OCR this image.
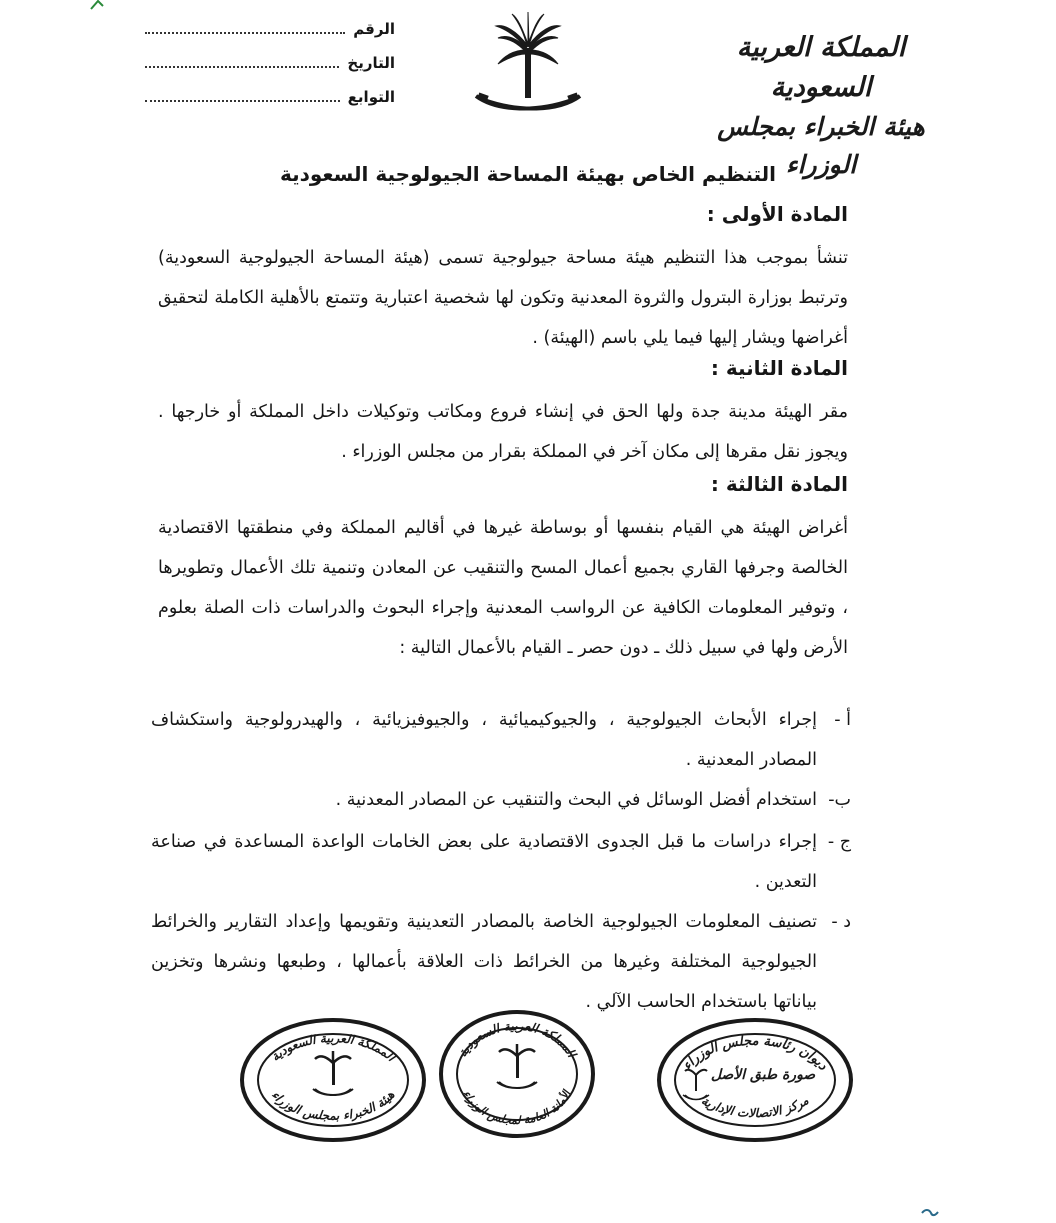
المملكة العربية السعودية
هيئة الخبراء بمجلس الوزراء
الرقم
التاريخ
التوابع
التنظيم الخاص بهيئة المساحة الجيولوجية السعودية
المادة الأولى :
تنشأ بموجب هذا التنظيم هيئة مساحة جيولوجية تسمى (هيئة المساحة الجيولوجية السعودية) وترتبط بوزارة البترول والثروة المعدنية وتكون لها شخصية اعتبارية وتتمتع بالأهلية الكاملة لتحقيق أغراضها ويشار إليها فيما يلي باسم (الهيئة) .
المادة الثانية :
مقر الهيئة مدينة جدة ولها الحق في إنشاء فروع ومكاتب وتوكيلات داخل المملكة أو خارجها . ويجوز نقل مقرها إلى مكان آخر في المملكة بقرار من مجلس الوزراء .
المادة الثالثة :
أغراض الهيئة هي القيام بنفسها أو بوساطة غيرها في أقاليم المملكة وفي منطقتها الاقتصادية الخالصة وجرفها القاري بجميع أعمال المسح والتنقيب عن المعادن وتنمية تلك الأعمال وتطويرها ، وتوفير المعلومات الكافية عن الرواسب المعدنية وإجراء البحوث والدراسات ذات الصلة بعلوم الأرض ولها في سبيل ذلك ـ دون حصر ـ القيام بالأعمال التالية :
أ -
إجراء الأبحاث الجيولوجية ، والجيوكيميائية ، والجيوفيزيائية ، والهيدرولوجية واستكشاف المصادر المعدنية .
ب-
استخدام أفضل الوسائل في البحث والتنقيب عن المصادر المعدنية .
ج -
إجراء دراسات ما قبل الجدوى الاقتصادية على بعض الخامات الواعدة المساعدة في صناعة التعدين .
د -
تصنيف المعلومات الجيولوجية الخاصة بالمصادر التعدينية وتقويمها وإعداد التقارير والخرائط الجيولوجية المختلفة وغيرها من الخرائط ذات العلاقة بأعمالها ، وطبعها ونشرها وتخزين بياناتها باستخدام الحاسب الآلي .
ديوان رئاسة مجلس الوزراء
مركز الاتصالات الإدارية
صورة طبق الأصل
المملكة العربية السعودية
الأمانة العامة لمجلس الوزراء
المملكة العربية السعودية
هيئة الخبراء بمجلس الوزراء
